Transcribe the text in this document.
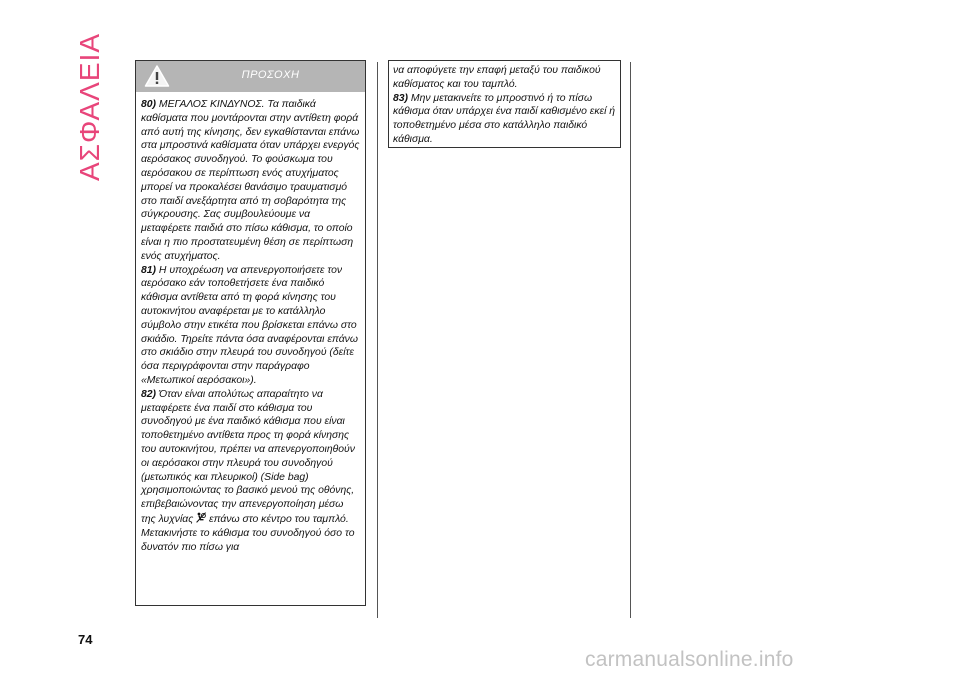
ΑΣΦΑΛΕΙΑ	ΠΡΟΣΟΧΗ

80) ΜΕΓΑΛΟΣ ΚΙΝΔΥΝΟΣ. Τα παιδικά καθίσματα που μοντάρονται στην αντίθετη φορά από αυτή της κίνησης, δεν εγκαθίστανται επάνω στα μπροστινά καθίσματα όταν υπάρχει ενεργός αερόσακος συνοδηγού. Το φούσκωμα του αερόσακου σε περίπτωση ενός ατυχήματος μπορεί να προκαλέσει θανάσιμο τραυματισμό στο παιδί ανεξάρτητα από τη σοβαρότητα της σύγκρουσης. Σας συμβουλεύουμε να μεταφέρετε παιδιά στο πίσω κάθισμα, το οποίο είναι η πιο προστατευμένη θέση σε περίπτωση ενός ατυχήματος.

81) Η υποχρέωση να απενεργοποιήσετε τον αερόσακο εάν τοποθετήσετε ένα παιδικό κάθισμα αντίθετα από τη φορά κίνησης του αυτοκινήτου αναφέρεται με το κατάλληλο σύμβολο στην ετικέτα που βρίσκεται επάνω στο σκιάδιο. Τηρείτε πάντα όσα αναφέρονται επάνω στο σκιάδιο στην πλευρά του συνοδηγού (δείτε όσα περιγράφονται στην παράγραφο «Μετωπικοί αερόσακοι»).

82) Όταν είναι απολύτως απαραίτητο να μεταφέρετε ένα παιδί στο κάθισμα του συνοδηγού με ένα παιδικό κάθισμα που είναι τοποθετημένο αντίθετα προς τη φορά κίνησης του αυτοκινήτου, πρέπει να απενεργοποιηθούν οι αερόσακοι στην πλευρά του συνοδηγού (μετωπικός και πλευρικοί) (Side bag) χρησιμοποιώντας το βασικό μενού της οθόνης, επιβεβαιώνοντας την απενεργοποίηση μέσω της λυχνίας επάνω στο κέντρο του ταμπλό. Μετακινήστε το κάθισμα του συνοδηγού όσο το δυνατόν πιο πίσω για

να αποφύγετε την επαφή μεταξύ του παιδικού καθίσματος και του ταμπλό.

83) Μην μετακινείτε το μπροστινό ή το πίσω κάθισμα όταν υπάρχει ένα παιδί καθισμένο εκεί ή τοποθετημένο μέσα στο κατάλληλο παιδικό κάθισμα.

74
carmanualsonline.info
